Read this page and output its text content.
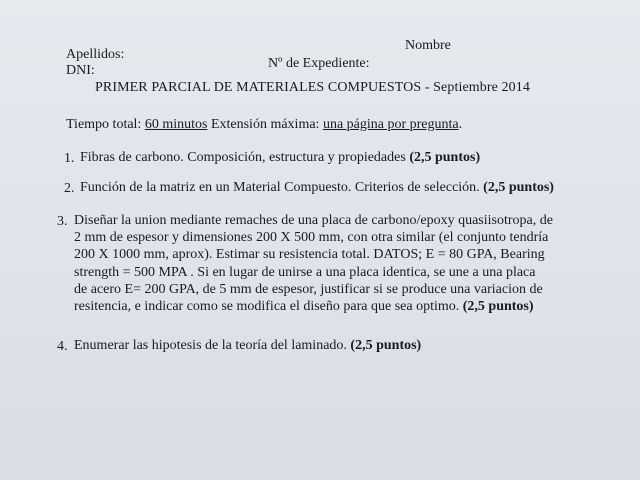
Apellidos:
DNI:
Nombre
Nº de Expediente:
PRIMER PARCIAL DE MATERIALES COMPUESTOS - Septiembre 2014
Tiempo total: 60 minutos Extensión máxima: una página por pregunta.
1. Fibras de carbono. Composición, estructura y propiedades (2,5 puntos)
2. Función de la matriz en un Material Compuesto. Criterios de selección. (2,5 puntos)
3. Diseñar la union mediante remaches de una placa de carbono/epoxy quasiisotropa, de
2 mm de espesor y dimensiones 200 X 500 mm, con otra similar (el conjunto tendría
200 X 1000 mm, aprox). Estimar su resistencia total. DATOS; E = 80 GPA, Bearing
strength = 500 MPA . Si en lugar de unirse a una placa identica, se une a una placa
de acero E= 200 GPA, de 5 mm de espesor, justificar si se produce una variacion de
resitencia, e indicar como se modifica el diseño para que sea optimo. (2,5 puntos)
4. Enumerar las hipotesis de la teoría del laminado. (2,5 puntos)
